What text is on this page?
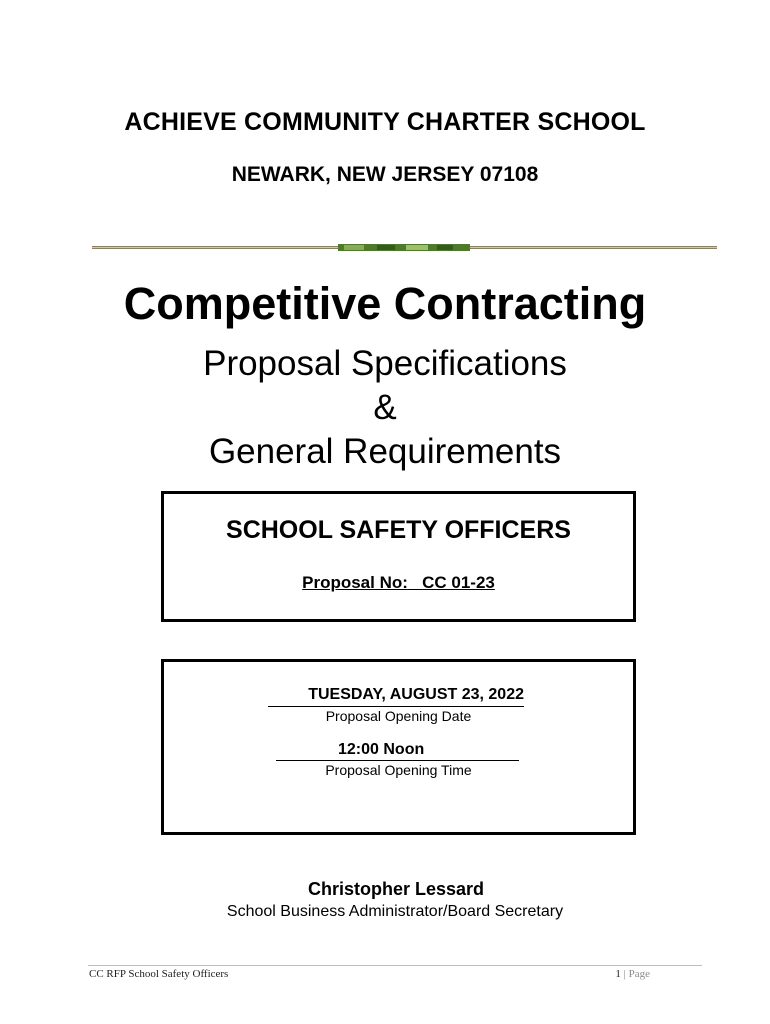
ACHIEVE COMMUNITY CHARTER SCHOOL
NEWARK, NEW JERSEY 07108
Competitive Contracting
Proposal Specifications
&
General Requirements
SCHOOL SAFETY OFFICERS
Proposal No: CC 01-23
TUESDAY, AUGUST 23, 2022
Proposal Opening Date
12:00 Noon
Proposal Opening Time
Christopher Lessard
School Business Administrator/Board Secretary
CC RFP School Safety Officers	1 | Page
